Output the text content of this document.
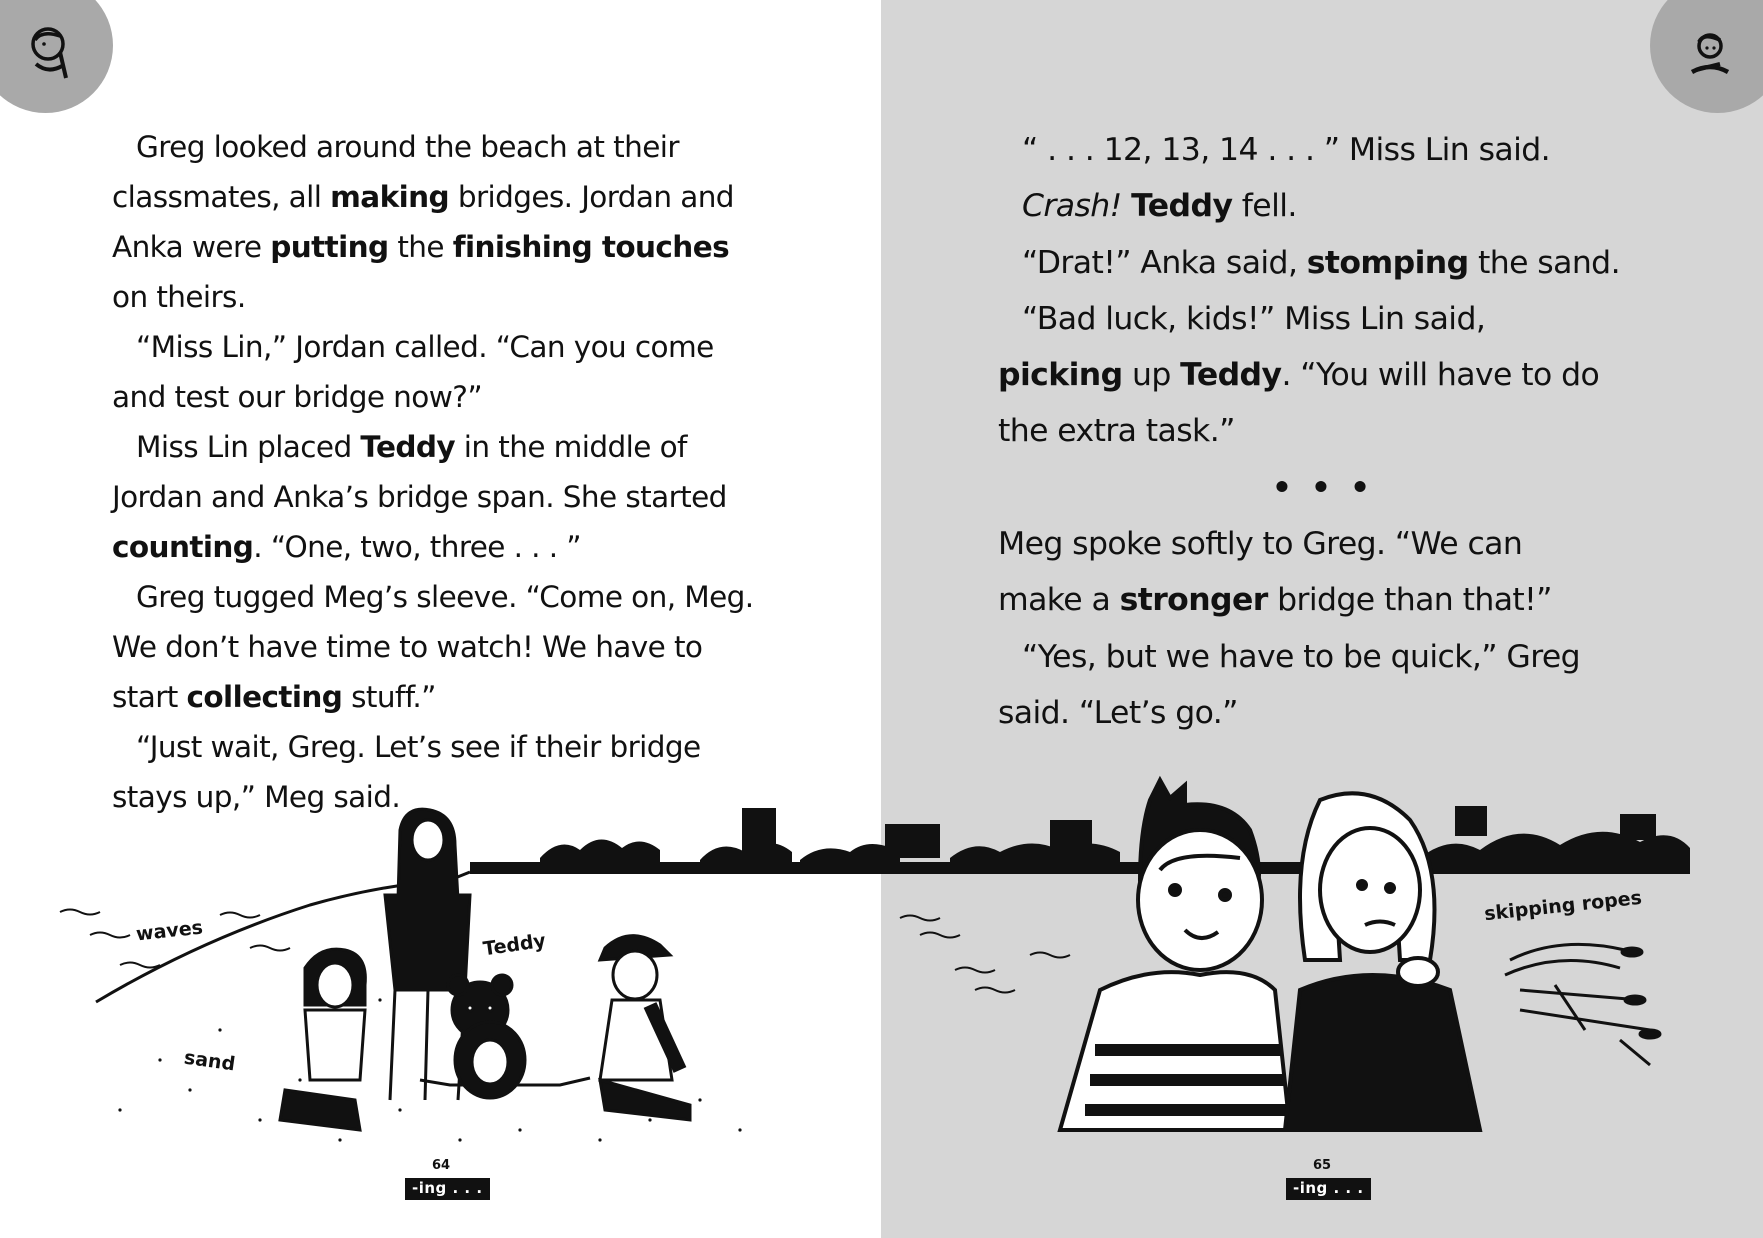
Greg looked around the beach at their
classmates, all making bridges. Jordan and
Anka were putting the finishing touches
on theirs.
“Miss Lin,” Jordan called. “Can you come
and test our bridge now?”
Miss Lin placed Teddy in the middle of
Jordan and Anka’s bridge span. She started
counting. “One, two, three . . . ”
Greg tugged Meg’s sleeve. “Come on, Meg.
We don’t have time to watch! We have to
start collecting stuff.”
“Just wait, Greg. Let’s see if their bridge
stays up,” Meg said.
“ . . . 12, 13, 14 . . . ” Miss Lin said.
Crash! Teddy fell.
“Drat!” Anka said, stomping the sand.
“Bad luck, kids!” Miss Lin said,
picking up Teddy. “You will have to do
the extra task.”
• • •
Meg spoke softly to Greg. “We can
make a stronger bridge than that!”
“Yes, but we have to be quick,” Greg
said. “Let’s go.”
waves	Teddy
sand
skipping ropes
64
-ing . . .
65
-ing . . .
